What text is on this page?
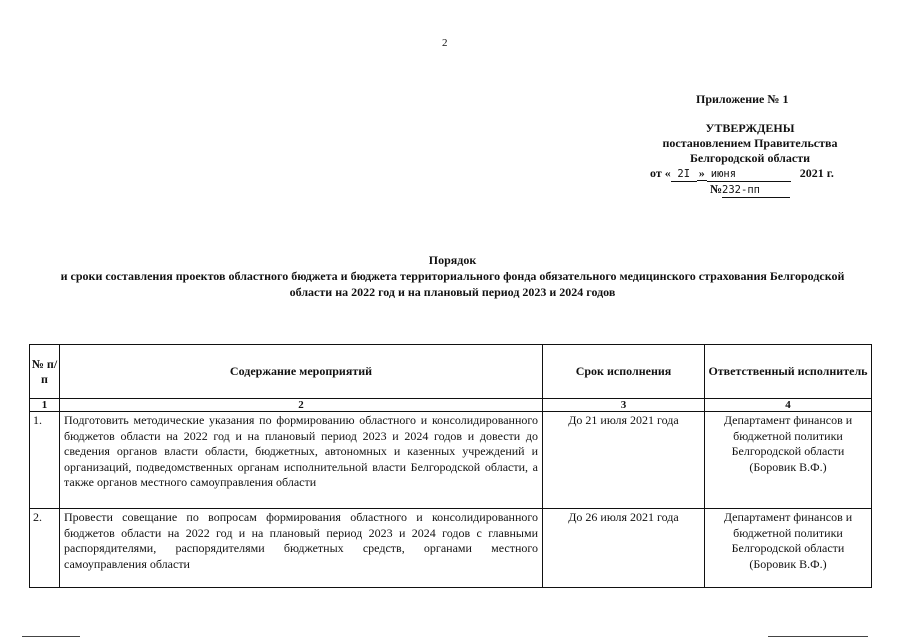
2
Приложение № 1
УТВЕРЖДЕНЫ
постановлением Правительства
Белгородской области
от « 2I » июня	2021 г.
№232-пп
Порядок
и сроки составления проектов областного бюджета и бюджета территориального фонда обязательного медицинского страхования Белгородской области на 2022 год и на плановый период 2023 и 2024 годов
№ п/п	Содержание мероприятий	Срок исполнения	Ответственный исполнитель
1	2	3	4
1.	Подготовить методические указания по формированию областного и консолидированного бюджетов области на 2022 год и на плановый период 2023 и 2024 годов и довести до сведения органов власти области, бюджетных, автономных и казенных учреждений и организаций, подведомственных органам исполнительной власти Белгородской области, а также органов местного самоуправления области	До 21 июля 2021 года	Департамент финансов и бюджетной политики Белгородской области (Боровик В.Ф.)
2.	Провести совещание по вопросам формирования областного и консолидированного бюджетов области на 2022 год и на плановый период 2023 и 2024 годов с главными распорядителями, распорядителями бюджетных средств, органами местного самоуправления области	До 26 июля 2021 года	Департамент финансов и бюджетной политики Белгородской области (Боровик В.Ф.)
